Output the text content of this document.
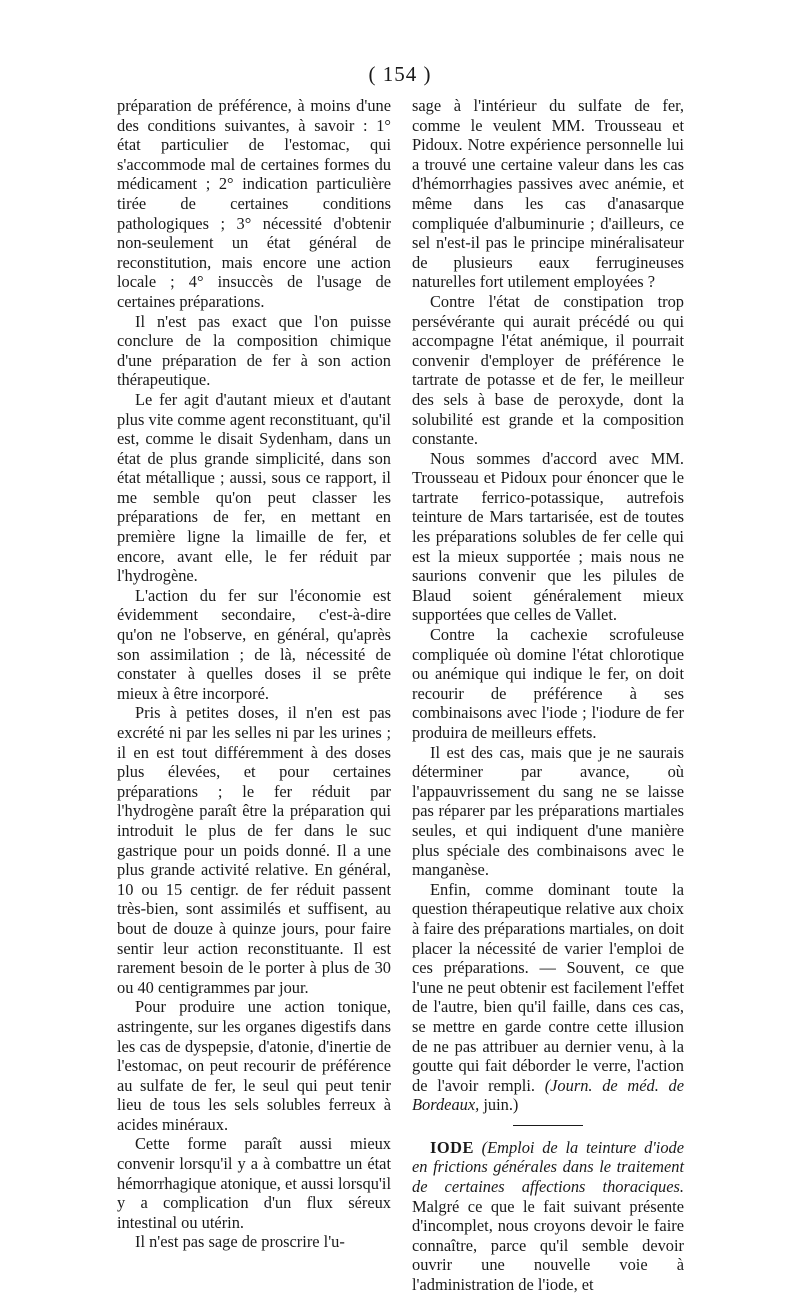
( 154 )

préparation de préférence, à moins d'une des conditions suivantes, à savoir : 1° état particulier de l'estomac, qui s'accommode mal de certaines formes du médicament ; 2° indication particulière tirée de certaines conditions pathologiques ; 3° nécessité d'obtenir non-seulement un état général de reconstitution, mais encore une action locale ; 4° insuccès de l'usage de certaines préparations.

Il n'est pas exact que l'on puisse conclure de la composition chimique d'une préparation de fer à son action thérapeutique.

Le fer agit d'autant mieux et d'autant plus vite comme agent reconstituant, qu'il est, comme le disait Sydenham, dans un état de plus grande simplicité, dans son état métallique ; aussi, sous ce rapport, il me semble qu'on peut classer les préparations de fer, en mettant en première ligne la limaille de fer, et encore, avant elle, le fer réduit par l'hydrogène.

L'action du fer sur l'économie est évidemment secondaire, c'est-à-dire qu'on ne l'observe, en général, qu'après son assimilation ; de là, nécessité de constater à quelles doses il se prête mieux à être incorporé.

Pris à petites doses, il n'en est pas excrété ni par les selles ni par les urines ; il en est tout différemment à des doses plus élevées, et pour certaines préparations ; le fer réduit par l'hydrogène paraît être la préparation qui introduit le plus de fer dans le suc gastrique pour un poids donné. Il a une plus grande activité relative. En général, 10 ou 15 centigr. de fer réduit passent très-bien, sont assimilés et suffisent, au bout de douze à quinze jours, pour faire sentir leur action reconstituante. Il est rarement besoin de le porter à plus de 30 ou 40 centigrammes par jour.

Pour produire une action tonique, astringente, sur les organes digestifs dans les cas de dyspepsie, d'atonie, d'inertie de l'estomac, on peut recourir de préférence au sulfate de fer, le seul qui peut tenir lieu de tous les sels solubles ferreux à acides minéraux.

Cette forme paraît aussi mieux convenir lorsqu'il y a à combattre un état hémorrhagique atonique, et aussi lorsqu'il y a complication d'un flux séreux intestinal ou utérin.

Il n'est pas sage de proscrire l'u-

sage à l'intérieur du sulfate de fer, comme le veulent MM. Trousseau et Pidoux. Notre expérience personnelle lui a trouvé une certaine valeur dans les cas d'hémorrhagies passives avec anémie, et même dans les cas d'anasarque compliquée d'albuminurie ; d'ailleurs, ce sel n'est-il pas le principe minéralisateur de plusieurs eaux ferrugineuses naturelles fort utilement employées ?

Contre l'état de constipation trop persévérante qui aurait précédé ou qui accompagne l'état anémique, il pourrait convenir d'employer de préférence le tartrate de potasse et de fer, le meilleur des sels à base de peroxyde, dont la solubilité est grande et la composition constante.

Nous sommes d'accord avec MM. Trousseau et Pidoux pour énoncer que le tartrate ferrico-potassique, autrefois teinture de Mars tartarisée, est de toutes les préparations solubles de fer celle qui est la mieux supportée ; mais nous ne saurions convenir que les pilules de Blaud soient généralement mieux supportées que celles de Vallet.

Contre la cachexie scrofuleuse compliquée où domine l'état chlorotique ou anémique qui indique le fer, on doit recourir de préférence à ses combinaisons avec l'iode ; l'iodure de fer produira de meilleurs effets.

Il est des cas, mais que je ne saurais déterminer par avance, où l'appauvrissement du sang ne se laisse pas réparer par les préparations martiales seules, et qui indiquent d'une manière plus spéciale des combinaisons avec le manganèse.

Enfin, comme dominant toute la question thérapeutique relative aux choix à faire des préparations martiales, on doit placer la nécessité de varier l'emploi de ces préparations. — Souvent, ce que l'une ne peut obtenir est facilement l'effet de l'autre, bien qu'il faille, dans ces cas, se mettre en garde contre cette illusion de ne pas attribuer au dernier venu, à la goutte qui fait déborder le verre, l'action de l'avoir rempli. (Journ. de méd. de Bordeaux, juin.)

IODE (Emploi de la teinture d'iode en frictions générales dans le traitement de certaines affections thoraciques. Malgré ce que le fait suivant présente d'incomplet, nous croyons devoir le faire connaître, parce qu'il semble devoir ouvrir une nouvelle voie à l'administration de l'iode, et
